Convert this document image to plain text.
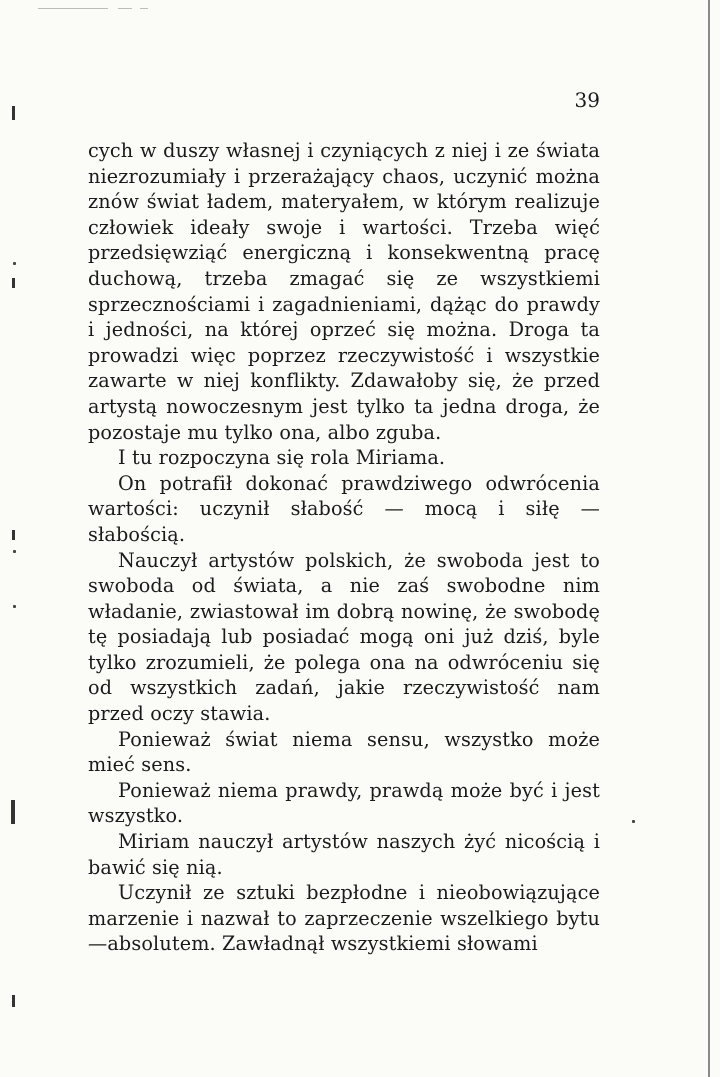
39

cych w duszy własnej i czyniących z niej i ze świata niezrozumiały i przerażający chaos, uczynić można znów świat ładem, materyałem, w którym realizuje człowiek ideały swoje i wartości. Trzeba więć przedsięwziąć energiczną i konsekwentną pracę duchową, trzeba zmagać się ze wszystkiemi sprzecznościami i zagadnieniami, dążąc do prawdy i jedności, na której oprzeć się można. Droga ta prowadzi więc poprzez rzeczywistość i wszystkie zawarte w niej konflikty. Zdawałoby się, że przed artystą nowoczesnym jest tylko ta jedna droga, że pozostaje mu tylko ona, albo zguba.

I tu rozpoczyna się rola Miriama.

On potrafił dokonać prawdziwego odwrócenia wartości: uczynił słabość — mocą i siłę — słabością.

Nauczył artystów polskich, że swoboda jest to swoboda od świata, a nie zaś swobodne nim władanie, zwiastował im dobrą nowinę, że swobodę tę posiadają lub posiadać mogą oni już dziś, byle tylko zrozumieli, że polega ona na odwróceniu się od wszystkich zadań, jakie rzeczywistość nam przed oczy stawia.

Ponieważ świat niema sensu, wszystko może mieć sens.

Ponieważ niema prawdy, prawdą może być i jest wszystko.

Miriam nauczył artystów naszych żyć nicością i bawić się nią.

Uczynił ze sztuki bezpłodne i nieobowiązujące marzenie i nazwał to zaprzeczenie wszelkiego bytu—absolutem. Zawładnął wszystkiemi słowami
